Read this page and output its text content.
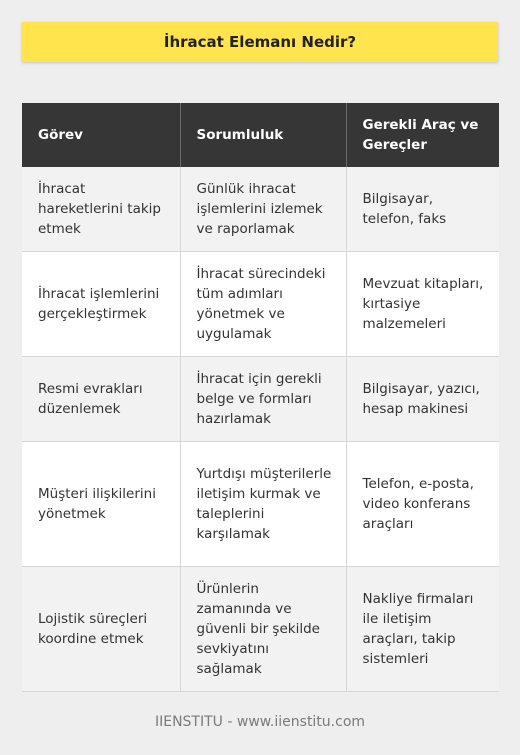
İhracat Elemanı Nedir?
Görev	Sorumluluk	Gerekli Araç ve Gereçler
İhracat hareketlerini takip etmek	Günlük ihracat işlemlerini izlemek ve raporlamak	Bilgisayar, telefon, faks
İhracat işlemlerini gerçekleştirmek	İhracat sürecindeki tüm adımları yönetmek ve uygulamak	Mevzuat kitapları, kırtasiye malzemeleri
Resmi evrakları düzenlemek	İhracat için gerekli belge ve formları hazırlamak	Bilgisayar, yazıcı, hesap makinesi
Müşteri ilişkilerini yönetmek	Yurtdışı müşterilerle iletişim kurmak ve taleplerini karşılamak	Telefon, e-posta, video konferans araçları
Lojistik süreçleri koordine etmek	Ürünlerin zamanında ve güvenli bir şekilde sevkiyatını sağlamak	Nakliye firmaları ile iletişim araçları, takip sistemleri
IIENSTITU - www.iienstitu.com
